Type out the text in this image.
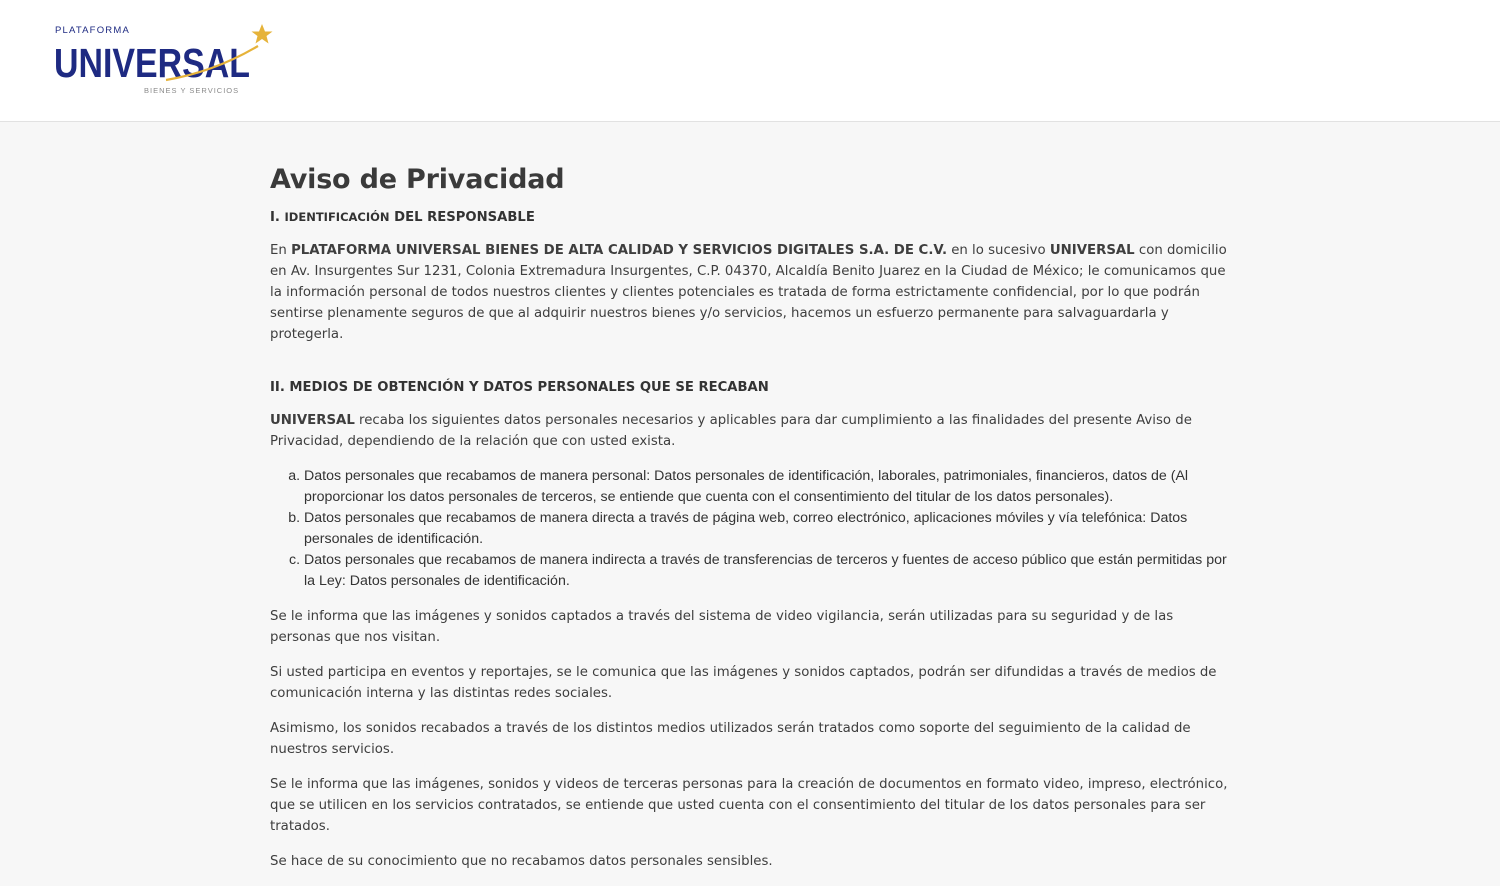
PLATAFORMA
UNIVERSAL
BIENES Y SERVICIOS
Aviso de Privacidad
I. IDENTIFICACIÓN DEL RESPONSABLE

En PLATAFORMA UNIVERSAL BIENES DE ALTA CALIDAD Y SERVICIOS DIGITALES S.A. DE C.V. en lo sucesivo UNIVERSAL con domicilio en Av. Insurgentes Sur 1231, Colonia Extremadura Insurgentes, C.P. 04370, Alcaldía Benito Juarez en la Ciudad de México; le comunicamos que la información personal de todos nuestros clientes y clientes potenciales es tratada de forma estrictamente confidencial, por lo que podrán sentirse plenamente seguros de que al adquirir nuestros bienes y/o servicios, hacemos un esfuerzo permanente para salvaguardarla y protegerla.

II. MEDIOS DE OBTENCIÓN Y DATOS PERSONALES QUE SE RECABAN

UNIVERSAL recaba los siguientes datos personales necesarios y aplicables para dar cumplimiento a las finalidades del presente Aviso de Privacidad, dependiendo de la relación que con usted exista.

a. Datos personales que recabamos de manera personal: Datos personales de identificación, laborales, patrimoniales, financieros, datos de (Al proporcionar los datos personales de terceros, se entiende que cuenta con el consentimiento del titular de los datos personales).
b. Datos personales que recabamos de manera directa a través de página web, correo electrónico, aplicaciones móviles y vía telefónica: Datos personales de identificación.
c. Datos personales que recabamos de manera indirecta a través de transferencias de terceros y fuentes de acceso público que están permitidas por la Ley: Datos personales de identificación.

Se le informa que las imágenes y sonidos captados a través del sistema de video vigilancia, serán utilizadas para su seguridad y de las personas que nos visitan.

Si usted participa en eventos y reportajes, se le comunica que las imágenes y sonidos captados, podrán ser difundidas a través de medios de comunicación interna y las distintas redes sociales.

Asimismo, los sonidos recabados a través de los distintos medios utilizados serán tratados como soporte del seguimiento de la calidad de nuestros servicios.

Se le informa que las imágenes, sonidos y videos de terceras personas para la creación de documentos en formato video, impreso, electrónico, que se utilicen en los servicios contratados, se entiende que usted cuenta con el consentimiento del titular de los datos personales para ser tratados.

Se hace de su conocimiento que no recabamos datos personales sensibles.
